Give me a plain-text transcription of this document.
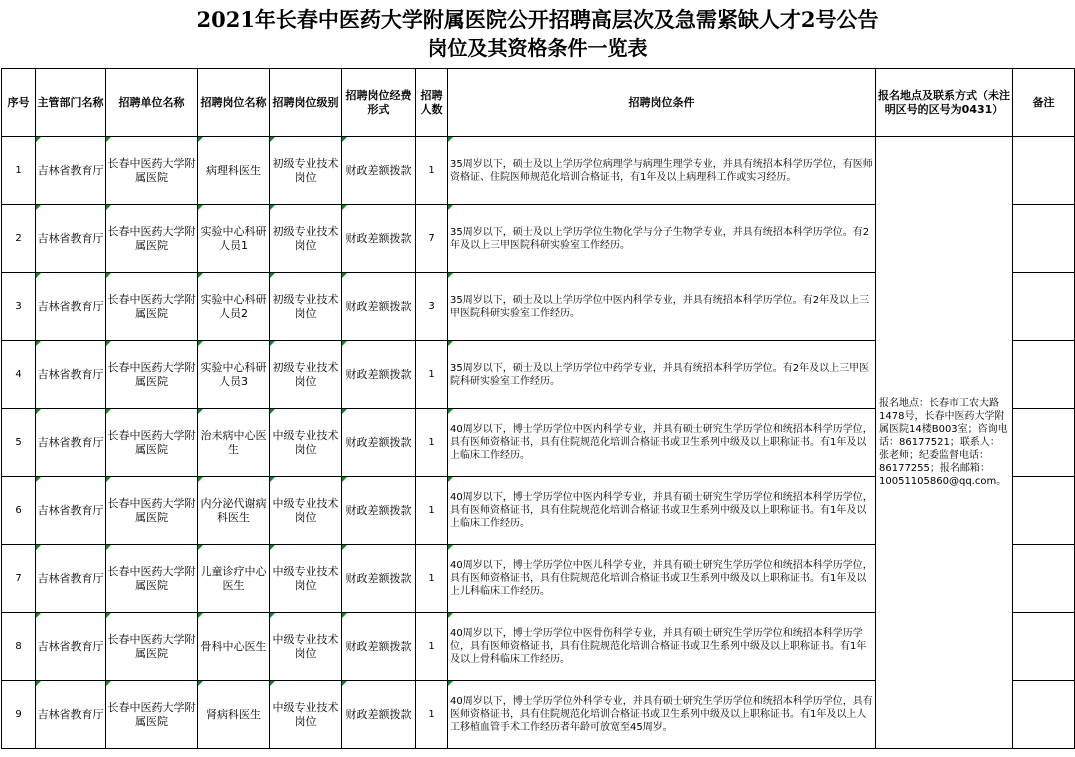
2021年长春中医药大学附属医院公开招聘高层次及急需紧缺人才2号公告
岗位及其资格条件一览表
序号	主管部门名称	招聘单位名称	招聘岗位名称	招聘岗位级别	招聘岗位经费形式	招聘人数	招聘岗位条件	报名地点及联系方式（未注明区号的区号为0431）	备注
1	吉林省教育厅	长春中医药大学附属医院	病理科医生	初级专业技术岗位	财政差额拨款	1	35周岁以下，硕士及以上学历学位病理学与病理生理学专业，并具有统招本科学历学位，有医师资格证、住院医师规范化培训合格证书，有1年及以上病理科工作或实习经历。	报名地点：长春市工农大路1478号，长春中医药大学附属医院14楼B003室；咨询电话：86177521；联系人：张老师；纪委监督电话：86177255；报名邮箱：10051105860@qq.com。	
2	吉林省教育厅	长春中医药大学附属医院	实验中心科研人员1	初级专业技术岗位	财政差额拨款	7	35周岁以下，硕士及以上学历学位生物化学与分子生物学专业，并具有统招本科学历学位。有2年及以上三甲医院科研实验室工作经历。		
3	吉林省教育厅	长春中医药大学附属医院	实验中心科研人员2	初级专业技术岗位	财政差额拨款	3	35周岁以下，硕士及以上学历学位中医内科学专业，并具有统招本科学历学位。有2年及以上三甲医院科研实验室工作经历。		
4	吉林省教育厅	长春中医药大学附属医院	实验中心科研人员3	初级专业技术岗位	财政差额拨款	1	35周岁以下，硕士及以上学历学位中药学专业，并具有统招本科学历学位。有2年及以上三甲医院科研实验室工作经历。		
5	吉林省教育厅	长春中医药大学附属医院	治未病中心医生	中级专业技术岗位	财政差额拨款	1	40周岁以下，博士学历学位中医内科学专业，并具有硕士研究生学历学位和统招本科学历学位，具有医师资格证书，具有住院规范化培训合格证书或卫生系列中级及以上职称证书。有1年及以上临床工作经历。		
6	吉林省教育厅	长春中医药大学附属医院	内分泌代谢病科医生	中级专业技术岗位	财政差额拨款	1	40周岁以下，博士学历学位中医内科学专业，并具有硕士研究生学历学位和统招本科学历学位，具有医师资格证书，具有住院规范化培训合格证书或卫生系列中级及以上职称证书。有1年及以上临床工作经历。		
7	吉林省教育厅	长春中医药大学附属医院	儿童诊疗中心医生	中级专业技术岗位	财政差额拨款	1	40周岁以下，博士学历学位中医儿科学专业，并具有硕士研究生学历学位和统招本科学历学位，具有医师资格证书，具有住院规范化培训合格证书或卫生系列中级及以上职称证书。有1年及以上儿科临床工作经历。		
8	吉林省教育厅	长春中医药大学附属医院	骨科中心医生	中级专业技术岗位	财政差额拨款	1	40周岁以下，博士学历学位中医骨伤科学专业，并具有硕士研究生学历学位和统招本科学历学位，具有医师资格证书，具有住院规范化培训合格证书或卫生系列中级及以上职称证书。有1年及以上骨科临床工作经历。		
9	吉林省教育厅	长春中医药大学附属医院	肾病科医生	中级专业技术岗位	财政差额拨款	1	40周岁以下，博士学历学位外科学专业，并具有硕士研究生学历学位和统招本科学历学位，具有医师资格证书，具有住院规范化培训合格证书或卫生系列中级及以上职称证书。有1年及以上人工移植血管手术工作经历者年龄可放宽至45周岁。		
